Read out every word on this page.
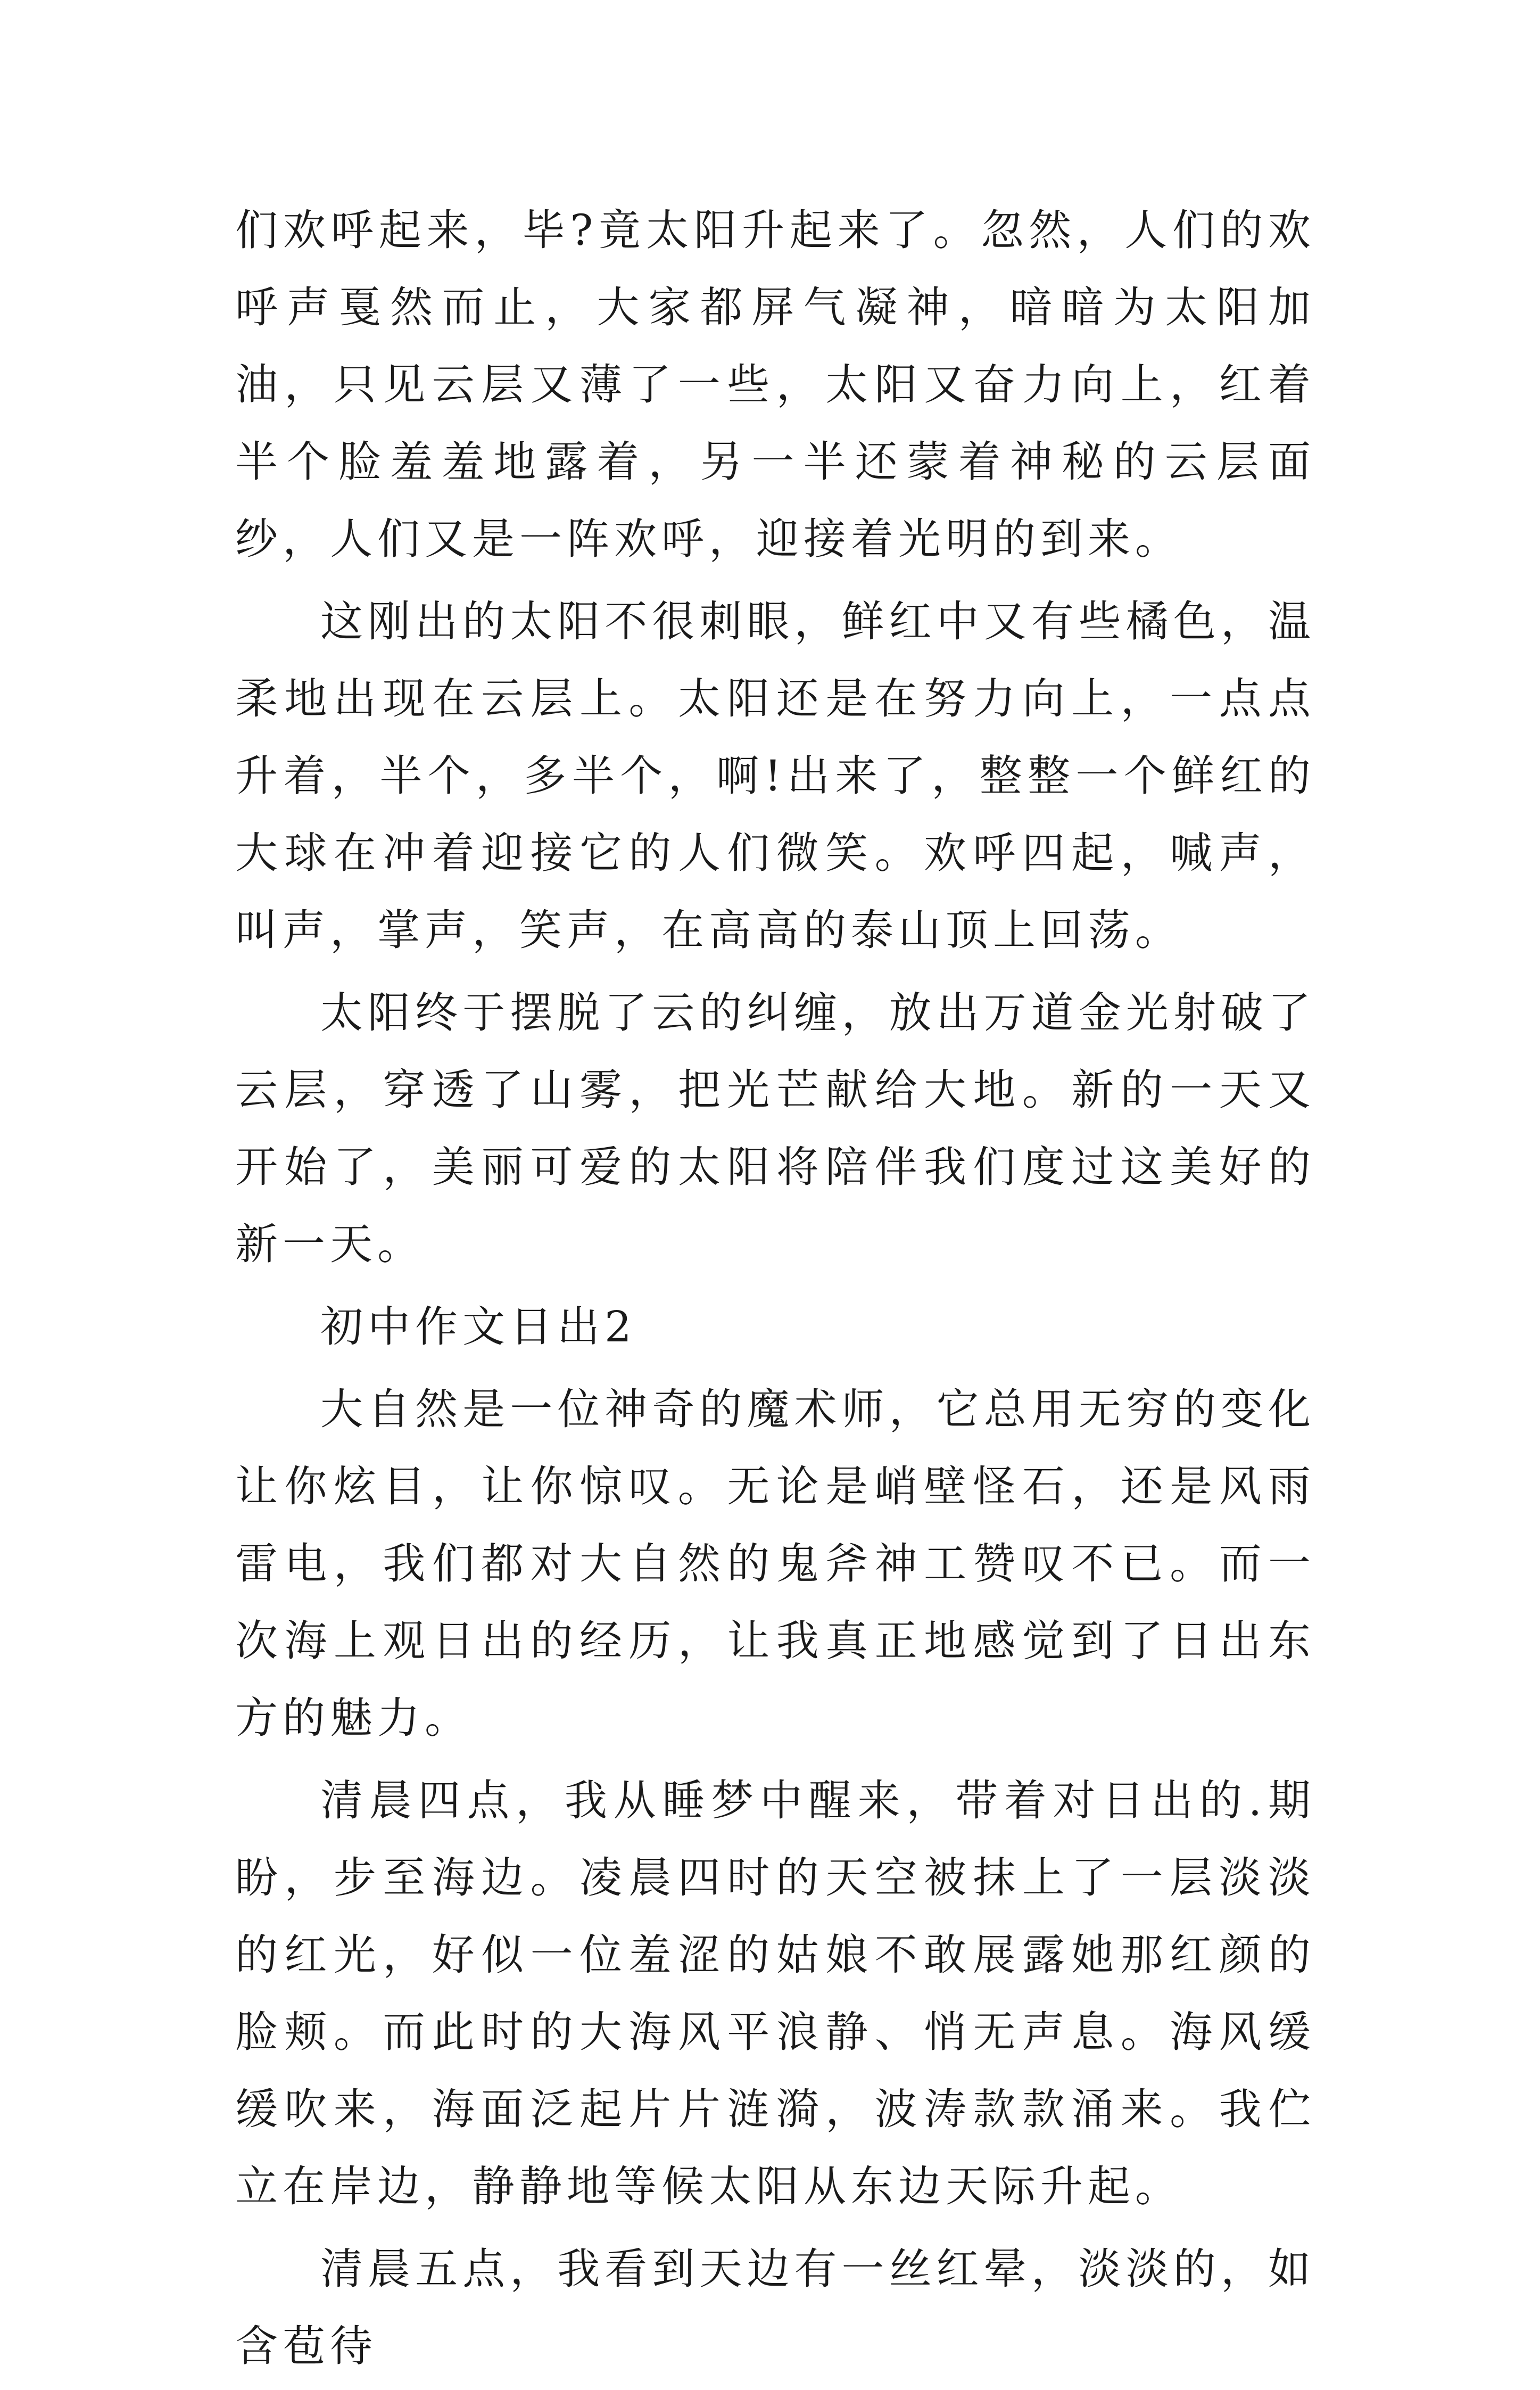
们欢呼起来，毕?竟太阳升起来了。忽然，人们的欢呼声戛然而止，大家都屏气凝神，暗暗为太阳加油，只见云层又薄了一些，太阳又奋力向上，红着半个脸羞羞地露着，另一半还蒙着神秘的云层面纱，人们又是一阵欢呼，迎接着光明的到来。

这刚出的太阳不很刺眼，鲜红中又有些橘色，温柔地出现在云层上。太阳还是在努力向上，一点点升着，半个，多半个，啊!出来了，整整一个鲜红的大球在冲着迎接它的人们微笑。欢呼四起，喊声，叫声，掌声，笑声，在高高的泰山顶上回荡。

太阳终于摆脱了云的纠缠，放出万道金光射破了云层，穿透了山雾，把光芒献给大地。新的一天又开始了，美丽可爱的太阳将陪伴我们度过这美好的新一天。

初中作文日出2

大自然是一位神奇的魔术师，它总用无穷的变化让你炫目，让你惊叹。无论是峭壁怪石，还是风雨雷电，我们都对大自然的鬼斧神工赞叹不已。而一次海上观日出的经历，让我真正地感觉到了日出东方的魅力。

清晨四点，我从睡梦中醒来，带着对日出的.期盼，步至海边。凌晨四时的天空被抹上了一层淡淡的红光，好似一位羞涩的姑娘不敢展露她那红颜的脸颊。而此时的大海风平浪静、悄无声息。海风缓缓吹来，海面泛起片片涟漪，波涛款款涌来。我伫立在岸边，静静地等候太阳从东边天际升起。

清晨五点，我看到天边有一丝红晕，淡淡的，如含苞待
